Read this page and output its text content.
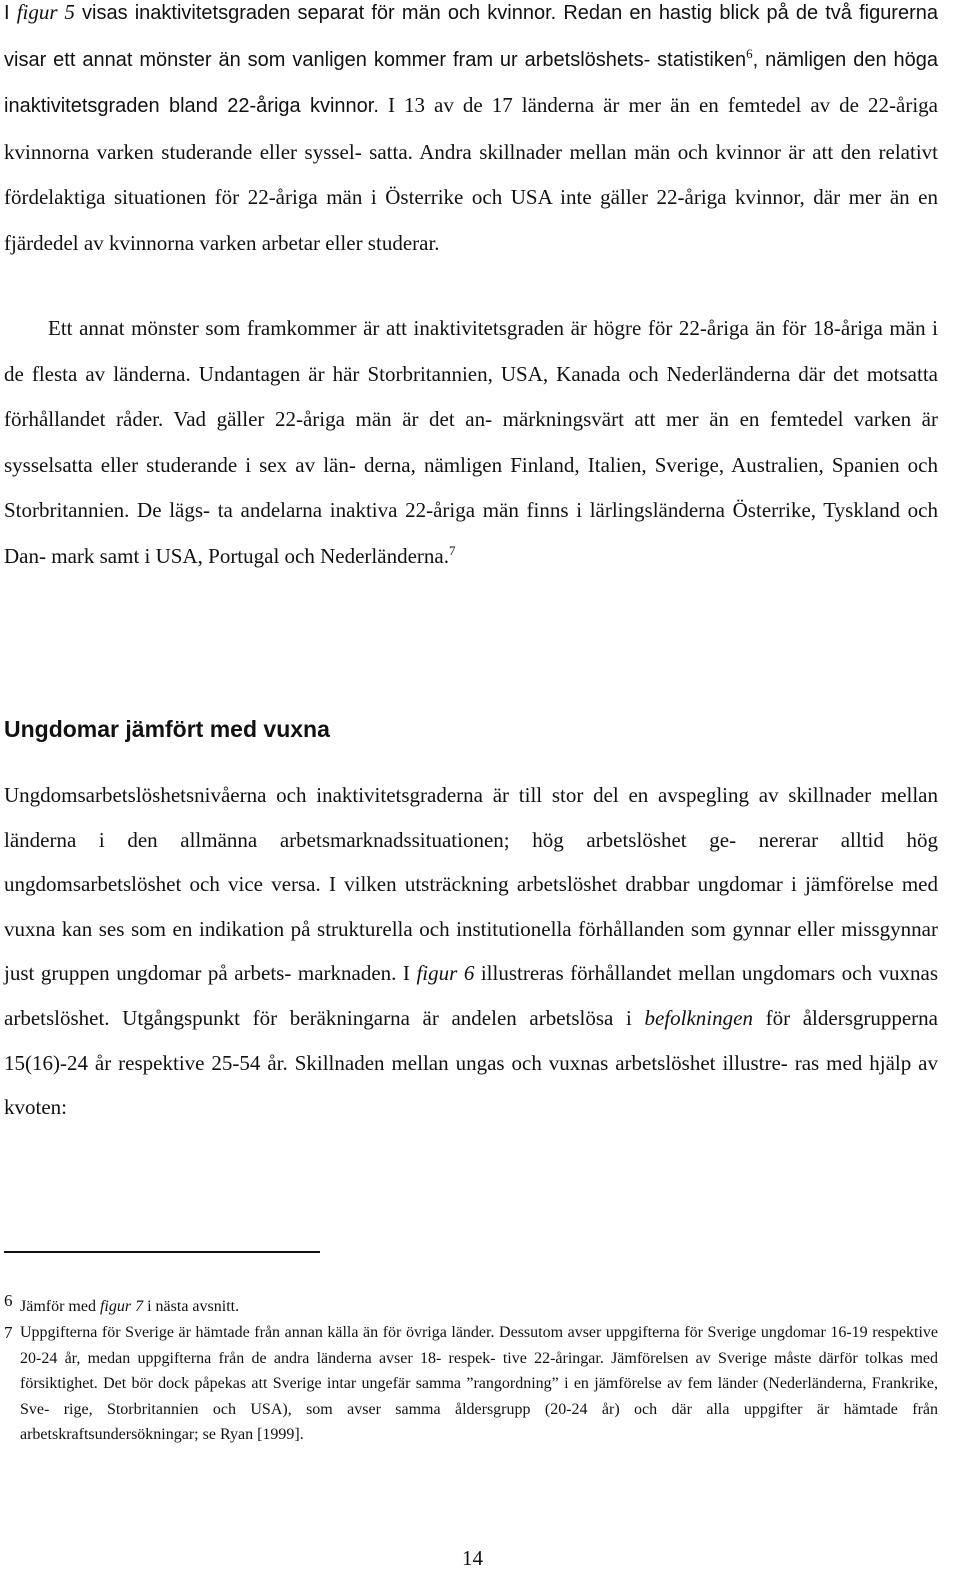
I figur 5 visas inaktivitetsgraden separat för män och kvinnor. Redan en hastig blick på de två figurerna visar ett annat mönster än som vanligen kommer fram ur arbetslöshets- statistiken$^6$, nämligen den höga inaktivitetsgraden bland 22-åriga kvinnor. I 13 av de 17 länderna är mer än en femtedel av de 22-åriga kvinnorna varken studerande eller syssel- satta. Andra skillnader mellan män och kvinnor är att den relativt fördelaktiga situationen för 22-åriga män i Österrike och USA inte gäller 22-åriga kvinnor, där mer än en fjärdedel av kvinnorna varken arbetar eller studerar.

Ett annat mönster som framkommer är att inaktivitetsgraden är högre för 22-åriga än för 18-åriga män i de flesta av länderna. Undantagen är här Storbritannien, USA, Kanada och Nederländerna där det motsatta förhållandet råder. Vad gäller 22-åriga män är det an- märkningsvärt att mer än en femtedel varken är sysselsatta eller studerande i sex av län- derna, nämligen Finland, Italien, Sverige, Australien, Spanien och Storbritannien. De lägs- ta andelarna inaktiva 22-åriga män finns i lärlingsländerna Österrike, Tyskland och Dan- mark samt i USA, Portugal och Nederländerna.$^7$

Ungdomar jämfört med vuxna

Ungdomsarbetslöshetsnivåerna och inaktivitetsgraderna är till stor del en avspegling av skillnader mellan länderna i den allmänna arbetsmarknadssituationen; hög arbetslöshet ge- nererar alltid hög ungdomsarbetslöshet och vice versa. I vilken utsträckning arbetslöshet drabbar ungdomar i jämförelse med vuxna kan ses som en indikation på strukturella och institutionella förhållanden som gynnar eller missgynnar just gruppen ungdomar på arbets- marknaden. I figur 6 illustreras förhållandet mellan ungdomars och vuxnas arbetslöshet. Utgångspunkt för beräkningarna är andelen arbetslösa i befolkningen för åldersgrupperna 15(16)-24 år respektive 25-54 år. Skillnaden mellan ungas och vuxnas arbetslöshet illustre- ras med hjälp av kvoten:

6 Jämför med figur 7 i nästa avsnitt.

7 Uppgifterna för Sverige är hämtade från annan källa än för övriga länder. Dessutom avser uppgifterna för Sverige ungdomar 16-19 respektive 20-24 år, medan uppgifterna från de andra länderna avser 18- respek- tive 22-åringar. Jämförelsen av Sverige måste därför tolkas med försiktighet. Det bör dock påpekas att Sverige intar ungefär samma ”rangordning” i en jämförelse av fem länder (Nederländerna, Frankrike, Sve- rige, Storbritannien och USA), som avser samma åldersgrupp (20-24 år) och där alla uppgifter är hämtade från arbetskraftsundersökningar; se Ryan [1999].

14
